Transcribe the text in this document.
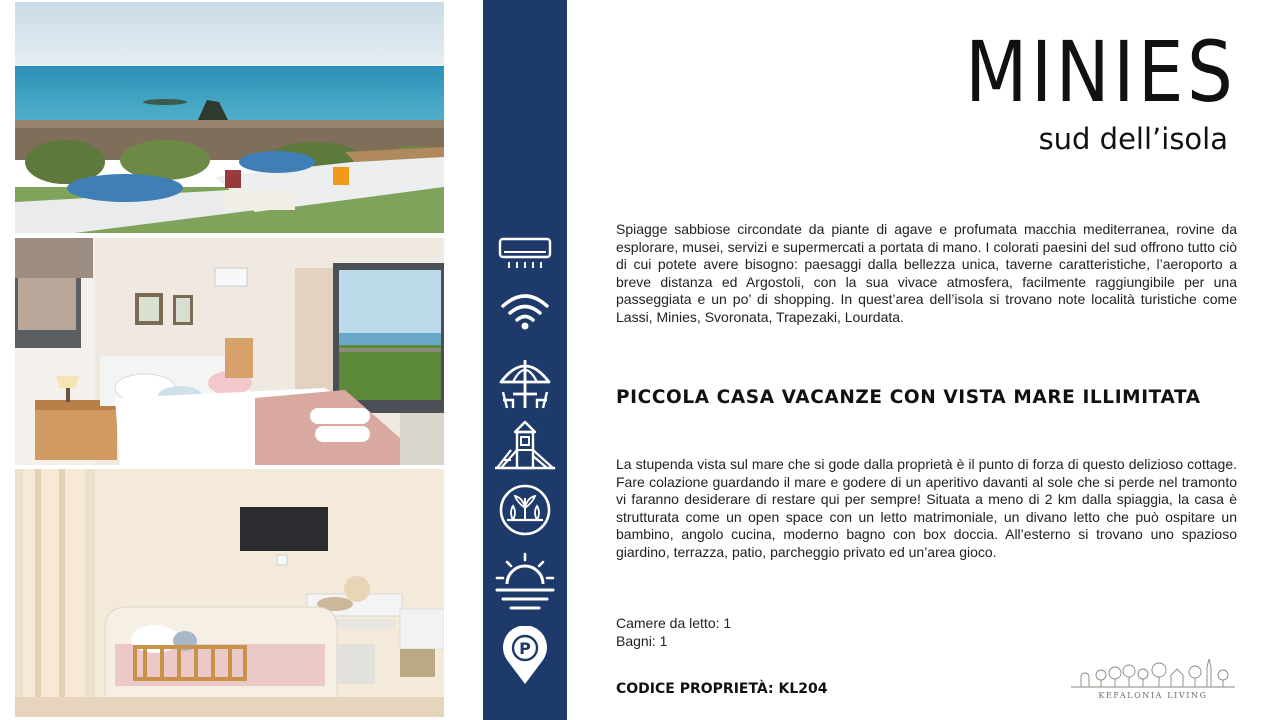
P
MINIES
sud dell’isola

Spiagge sabbiose circondate da piante di agave e profumata macchia mediterranea, rovine da esplorare, musei, servizi e supermercati a portata di mano. I colorati paesini del sud offrono tutto ciò di cui potete avere bisogno: paesaggi dalla bellezza unica, taverne caratteristiche, l’aeroporto a breve distanza ed Argostoli, con la sua vivace atmosfera, facilmente raggiungibile per una passeggiata e un po’ di shopping. In quest’area dell’isola si trovano note località turistiche come Lassi, Minies, Svoronata, Trapezaki, Lourdata.

PICCOLA CASA VACANZE CON VISTA MARE ILLIMITATA

La stupenda vista sul mare che si gode dalla proprietà è il punto di forza di questo delizioso cottage. Fare colazione guardando il mare e godere di un aperitivo davanti al sole che si perde nel tramonto vi faranno desiderare di restare qui per sempre! Situata a meno di 2 km dalla spiaggia, la casa è strutturata come un open space con un letto matrimoniale, un divano letto che può ospitare un bambino, angolo cucina, moderno bagno con box doccia. All’esterno si trovano uno spazioso giardino, terrazza, patio, parcheggio privato ed un’area gioco.

Camere da letto: 1
Bagni: 1
CODICE PROPRIETÀ: KL204	KEFALONIA LIVING
